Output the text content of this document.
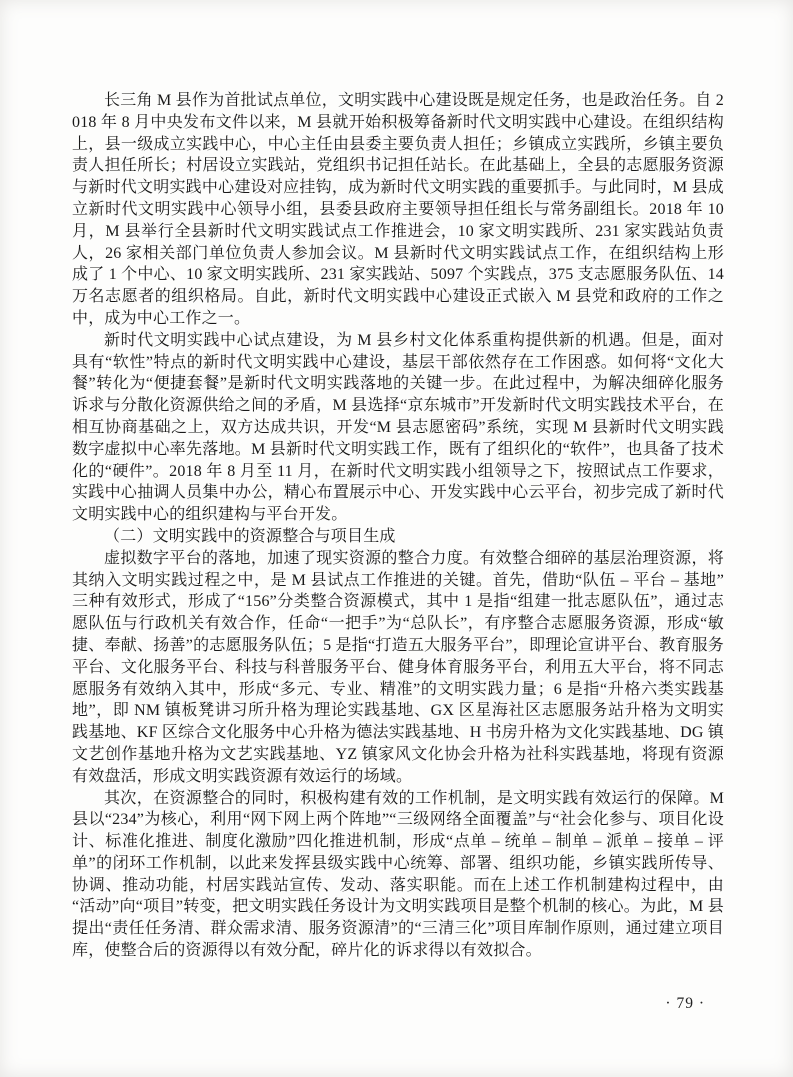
长三角 M 县作为首批试点单位，文明实践中心建设既是规定任务，也是政治任务。自 2018 年 8 月中央发布文件以来，M 县就开始积极筹备新时代文明实践中心建设。在组织结构上，县一级成立实践中心，中心主任由县委主要负责人担任；乡镇成立实践所，乡镇主要负责人担任所长；村居设立实践站，党组织书记担任站长。在此基础上，全县的志愿服务资源与新时代文明实践中心建设对应挂钩，成为新时代文明实践的重要抓手。与此同时，M 县成立新时代文明实践中心领导小组，县委县政府主要领导担任组长与常务副组长。2018 年 10 月，M 县举行全县新时代文明实践试点工作推进会，10 家文明实践所、231 家实践站负责人，26 家相关部门单位负责人参加会议。M 县新时代文明实践试点工作，在组织结构上形成了 1 个中心、10 家文明实践所、231 家实践站、5097 个实践点，375 支志愿服务队伍、14 万名志愿者的组织格局。自此，新时代文明实践中心建设正式嵌入 M 县党和政府的工作之中，成为中心工作之一。

新时代文明实践中心试点建设，为 M 县乡村文化体系重构提供新的机遇。但是，面对具有“软性”特点的新时代文明实践中心建设，基层干部依然存在工作困惑。如何将“文化大餐”转化为“便捷套餐”是新时代文明实践落地的关键一步。在此过程中，为解决细碎化服务诉求与分散化资源供给之间的矛盾，M 县选择“京东城市”开发新时代文明实践技术平台，在相互协商基础之上，双方达成共识，开发“M 县志愿密码”系统，实现 M 县新时代文明实践数字虚拟中心率先落地。M 县新时代文明实践工作，既有了组织化的“软件”，也具备了技术化的“硬件”。2018 年 8 月至 11 月，在新时代文明实践小组领导之下，按照试点工作要求，实践中心抽调人员集中办公，精心布置展示中心、开发实践中心云平台，初步完成了新时代文明实践中心的组织建构与平台开发。

（二）文明实践中的资源整合与项目生成

虚拟数字平台的落地，加速了现实资源的整合力度。有效整合细碎的基层治理资源，将其纳入文明实践过程之中，是 M 县试点工作推进的关键。首先，借助“队伍 – 平台 – 基地”三种有效形式，形成了“156”分类整合资源模式，其中 1 是指“组建一批志愿队伍”，通过志愿队伍与行政机关有效合作，任命“一把手”为“总队长”，有序整合志愿服务资源，形成“敏捷、奉献、扬善”的志愿服务队伍；5 是指“打造五大服务平台”，即理论宣讲平台、教育服务平台、文化服务平台、科技与科普服务平台、健身体育服务平台，利用五大平台，将不同志愿服务有效纳入其中，形成“多元、专业、精准”的文明实践力量；6 是指“升格六类实践基地”，即 NM 镇板凳讲习所升格为理论实践基地、GX 区星海社区志愿服务站升格为文明实践基地、KF 区综合文化服务中心升格为德法实践基地、H 书房升格为文化实践基地、DG 镇文艺创作基地升格为文艺实践基地、YZ 镇家风文化协会升格为社科实践基地，将现有资源有效盘活，形成文明实践资源有效运行的场域。

其次，在资源整合的同时，积极构建有效的工作机制，是文明实践有效运行的保障。M 县以“234”为核心，利用“网下网上两个阵地”“三级网络全面覆盖”与“社会化参与、项目化设计、标准化推进、制度化激励”四化推进机制，形成“点单 – 统单 – 制单 – 派单 – 接单 – 评单”的闭环工作机制，以此来发挥县级实践中心统筹、部署、组织功能，乡镇实践所传导、协调、推动功能，村居实践站宣传、发动、落实职能。而在上述工作机制建构过程中，由“活动”向“项目”转变，把文明实践任务设计为文明实践项目是整个机制的核心。为此，M 县提出“责任任务清、群众需求清、服务资源清”的“三清三化”项目库制作原则，通过建立项目库，使整合后的资源得以有效分配，碎片化的诉求得以有效拟合。

· 79 ·
